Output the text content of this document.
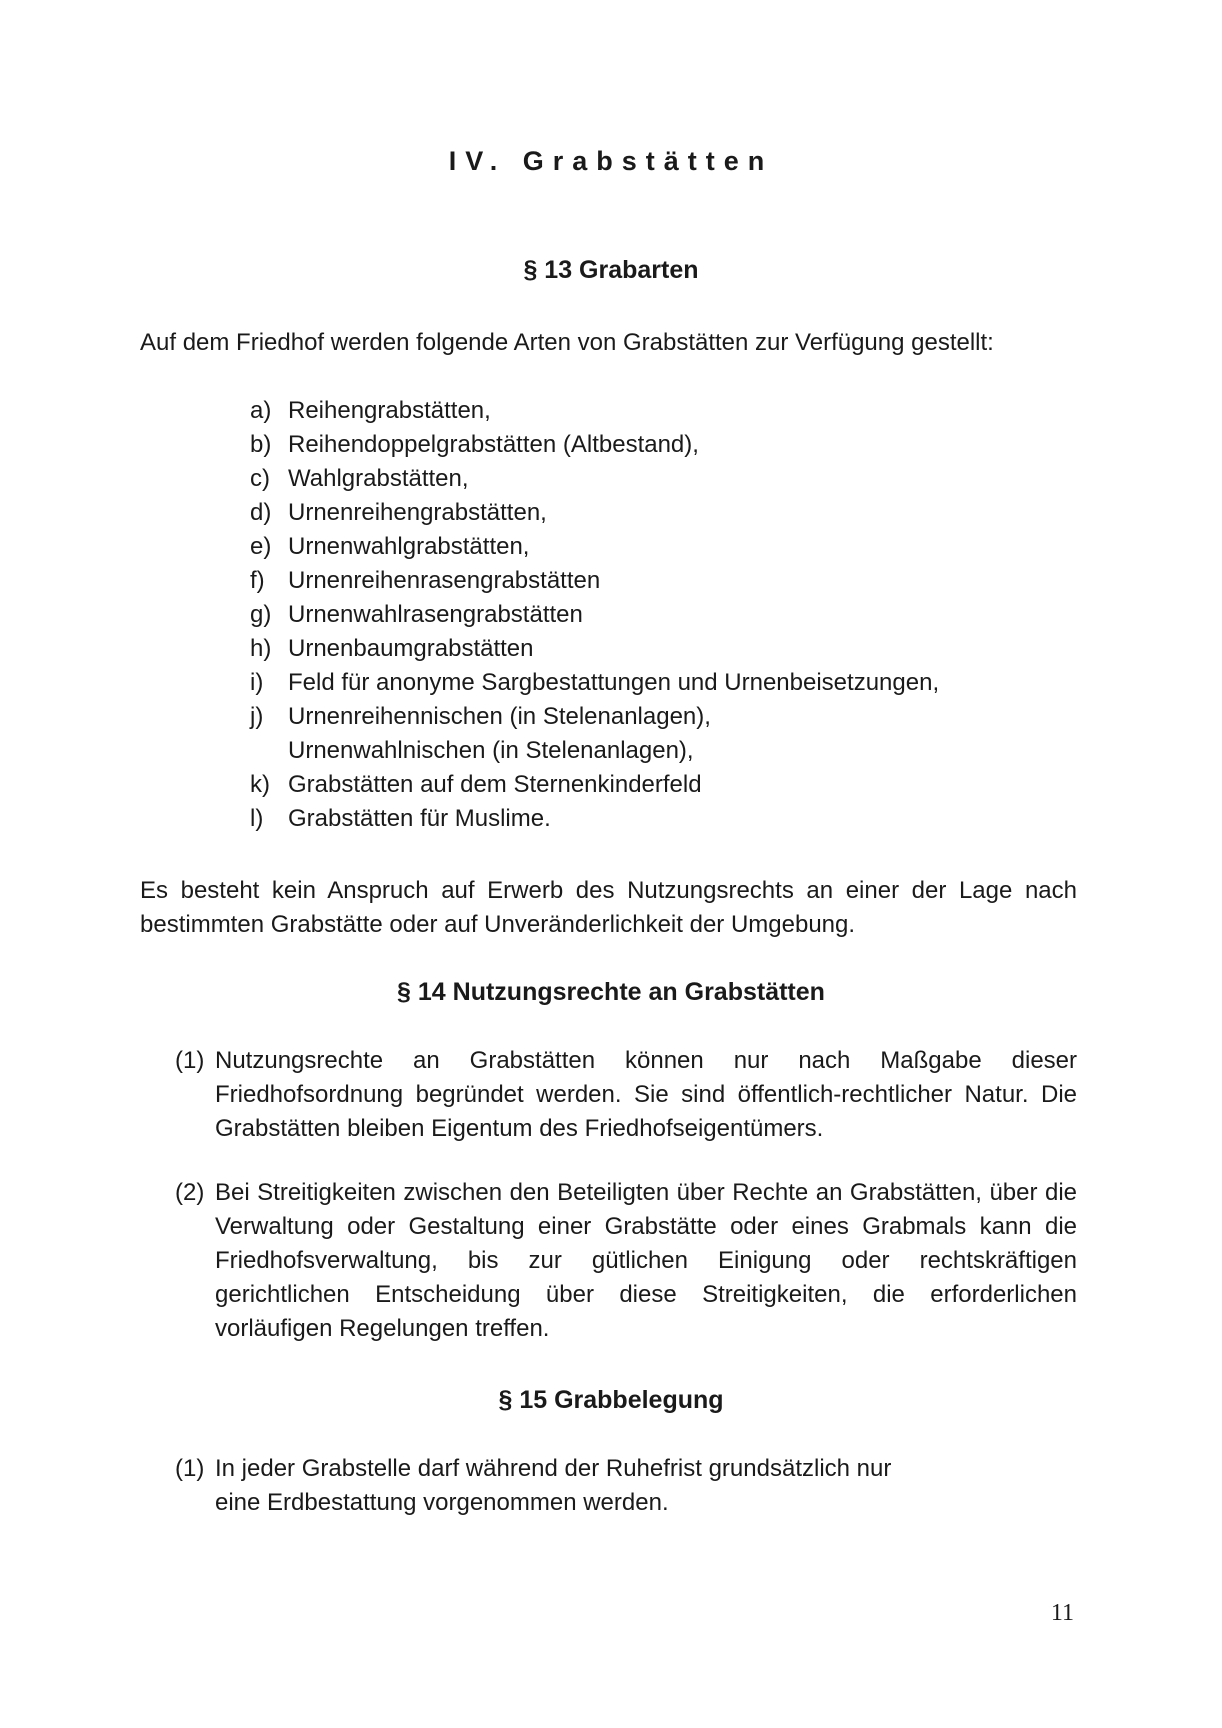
IV. Grabstätten
§ 13 Grabarten
Auf dem Friedhof werden folgende Arten von Grabstätten zur Verfügung gestellt:
a) Reihengrabstätten,
b) Reihendoppelgrabstätten (Altbestand),
c) Wahlgrabstätten,
d) Urnenreihengrabstätten,
e) Urnenwahlgrabstätten,
f) Urnenreihenrasengrabstätten
g) Urnenwahlrasengrabstätten
h) Urnenbaumgrabstätten
i)	Feld für anonyme Sargbestattungen und Urnenbeisetzungen,
j)	Urnenreihennischen (in Stelenanlagen),
Urnenwahlnischen (in Stelenanlagen),
k) Grabstätten auf dem Sternenkinderfeld
l)	Grabstätten für Muslime.
Es besteht kein Anspruch auf Erwerb des Nutzungsrechts an einer der Lage nach bestimmten Grabstätte oder auf Unveränderlichkeit der Umgebung.
§ 14 Nutzungsrechte an Grabstätten
(1) Nutzungsrechte an Grabstätten können nur nach Maßgabe dieser Friedhofsordnung begründet werden. Sie sind öffentlich-rechtlicher Natur. Die Grabstätten bleiben Eigentum des Friedhofseigentümers.
(2) Bei Streitigkeiten zwischen den Beteiligten über Rechte an Grabstätten, über die Verwaltung oder Gestaltung einer Grabstätte oder eines Grabmals kann die Friedhofsverwaltung, bis zur gütlichen Einigung oder rechtskräftigen gerichtlichen Entscheidung über diese Streitigkeiten, die erforderlichen vorläufigen Regelungen treffen.
§ 15 Grabbelegung
(1) In jeder Grabstelle darf während der Ruhefrist grundsätzlich nur eine Erdbestattung vorgenommen werden.
11
